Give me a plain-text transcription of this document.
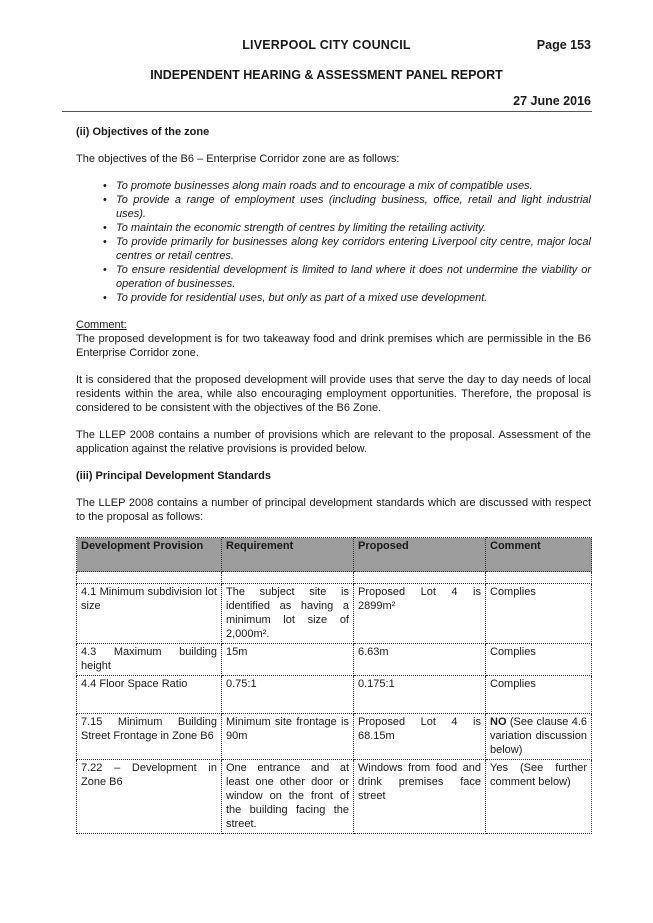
LIVERPOOL CITY COUNCIL	Page 153
INDEPENDENT HEARING & ASSESSMENT PANEL REPORT
27 June 2016

(ii) Objectives of the zone

The objectives of the B6 – Enterprise Corridor zone are as follows:

• To promote businesses along main roads and to encourage a mix of compatible uses.
• To provide a range of employment uses (including business, office, retail and light industrial uses).
• To maintain the economic strength of centres by limiting the retailing activity.
• To provide primarily for businesses along key corridors entering Liverpool city centre, major local centres or retail centres.
• To ensure residential development is limited to land where it does not undermine the viability or operation of businesses.
• To provide for residential uses, but only as part of a mixed use development.

Comment:

The proposed development is for two takeaway food and drink premises which are permissible in the B6 Enterprise Corridor zone.

It is considered that the proposed development will provide uses that serve the day to day needs of local residents within the area, while also encouraging employment opportunities. Therefore, the proposal is considered to be consistent with the objectives of the B6 Zone.

The LLEP 2008 contains a number of provisions which are relevant to the proposal. Assessment of the application against the relative provisions is provided below.

(iii) Principal Development Standards

The LLEP 2008 contains a number of principal development standards which are discussed with respect to the proposal as follows:

Development Provision	Requirement	Proposed	Comment

4.1 Minimum subdivision lot size	The subject site is identified as having a minimum lot size of 2,000m².	Proposed Lot 4 is 2899m²	Complies
4.3 Maximum building height	15m	6.63m	Complies
4.4 Floor Space Ratio	0.75:1	0.175:1	Complies
7.15 Minimum Building Street Frontage in Zone B6	Minimum site frontage is 90m	Proposed Lot 4 is 68.15m	NO (See clause 4.6 variation discussion below)
7.22 – Development in Zone B6	One entrance and at least one other door or window on the front of the building facing the street.	Windows from food and drink premises face street	Yes (See further comment below)
